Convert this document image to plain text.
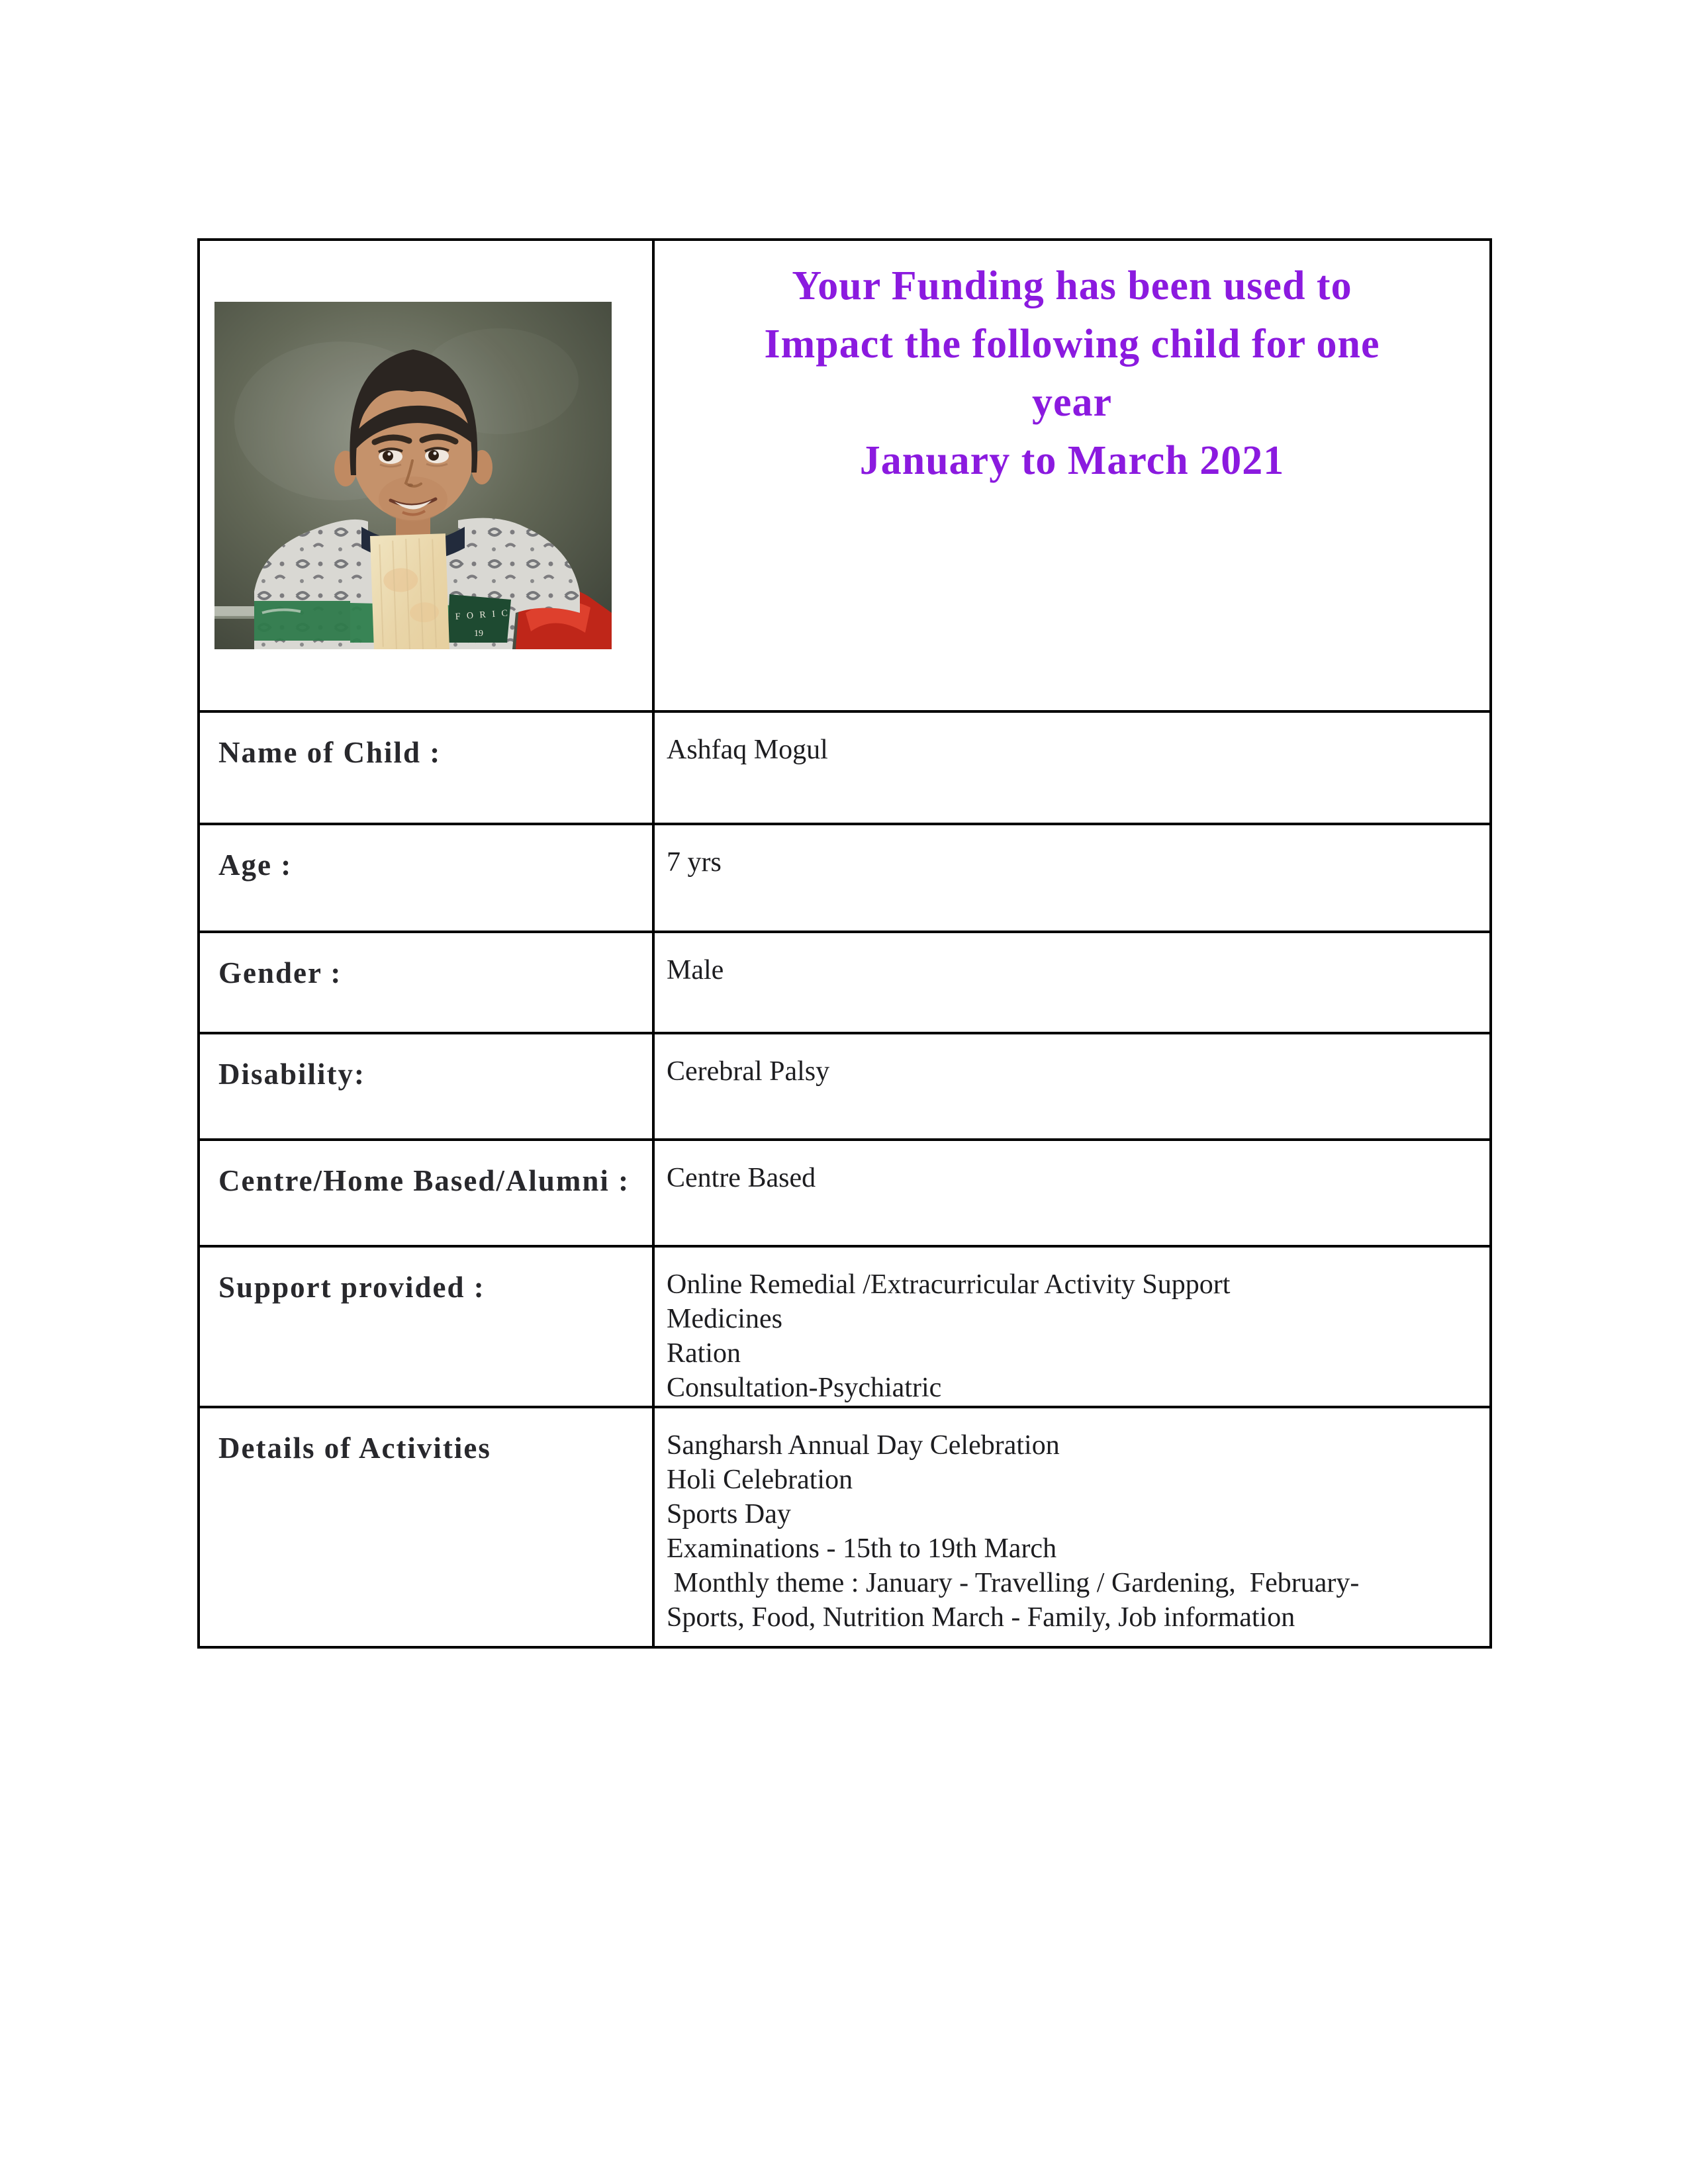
F O R I C
19

Your Funding has been used to
Impact the following child for one
year
January to March 2021

Name of Child :	Ashfaq Mogul

Age :	7 yrs

Gender :	Male

Disability:	Cerebral Palsy

Centre/Home Based/Alumni :	Centre Based

Support provided :	Online Remedial /Extracurricular Activity Support
Medicines
Ration
Consultation-Psychiatric

Details of Activities	Sangharsh Annual Day Celebration
Holi Celebration
Sports Day
Examinations - 15th to 19th March
Monthly theme : January - Travelling / Gardening,  February-
Sports, Food, Nutrition March - Family, Job information
